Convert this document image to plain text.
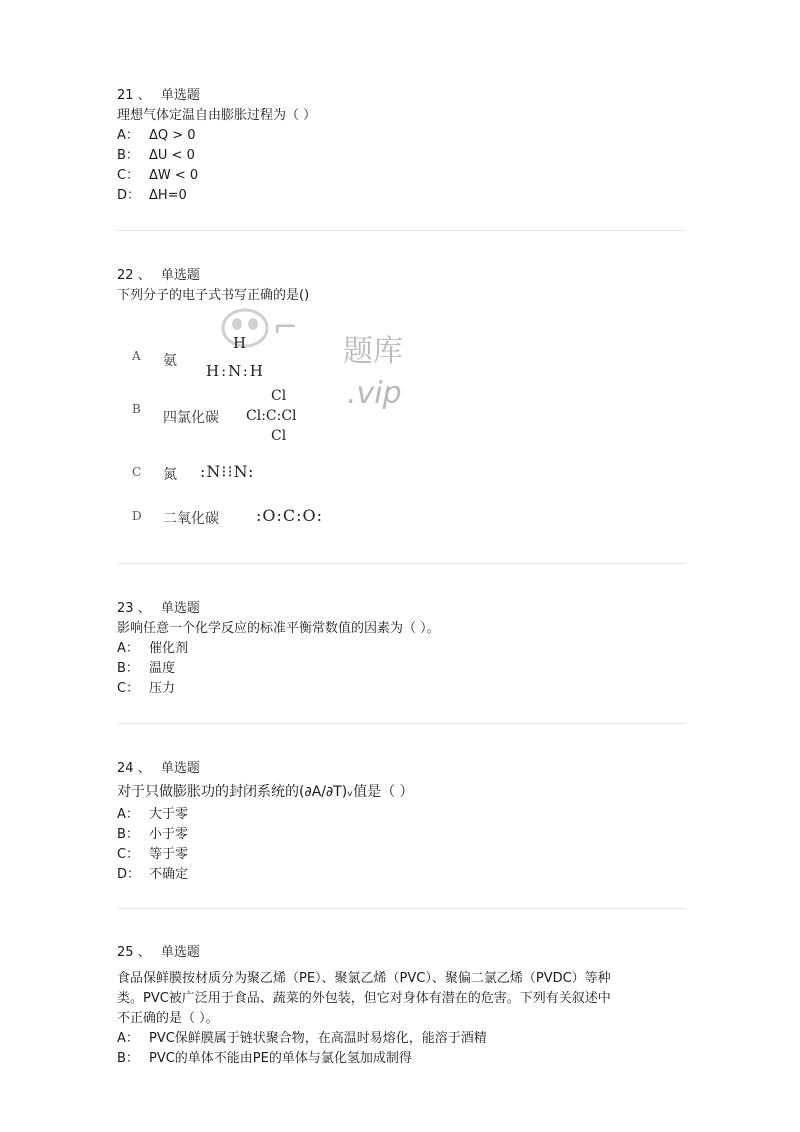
21 、 单选题
理想气体定温自由膨胀过程为（ ）
A： ΔQ > 0
B： ΔU < 0
C： ΔW < 0
D： ΔH=0
22 、 单选题
下列分子的电子式书写正确的是()
⌐
题库
.vip
A 氨
H
H:N:H
B
四氯化碳
Cl
Cl:C:Cl
Cl
C 氮 :N⁝⁝N:
D 二氧化碳 :O:C:O:
23 、 单选题
影响任意一个化学反应的标准平衡常数值的因素为（ ）。
A： 催化剂
B： 温度
C： 压力
24 、 单选题
对于只做膨胀功的封闭系统的(∂A/∂T)ᵥ值是（ ）
A： 大于零
B： 小于零
C： 等于零
D： 不确定
25 、 单选题
食品保鲜膜按材质分为聚乙烯（PE）、聚氯乙烯（PVC）、聚偏二氯乙烯（PVDC）等种
类。PVC被广泛用于食品、蔬菜的外包装，但它对身体有潜在的危害。下列有关叙述中
不正确的是（ ）。
A： PVC保鲜膜属于链状聚合物，在高温时易熔化，能溶于酒精
B： PVC的单体不能由PE的单体与氯化氢加成制得
